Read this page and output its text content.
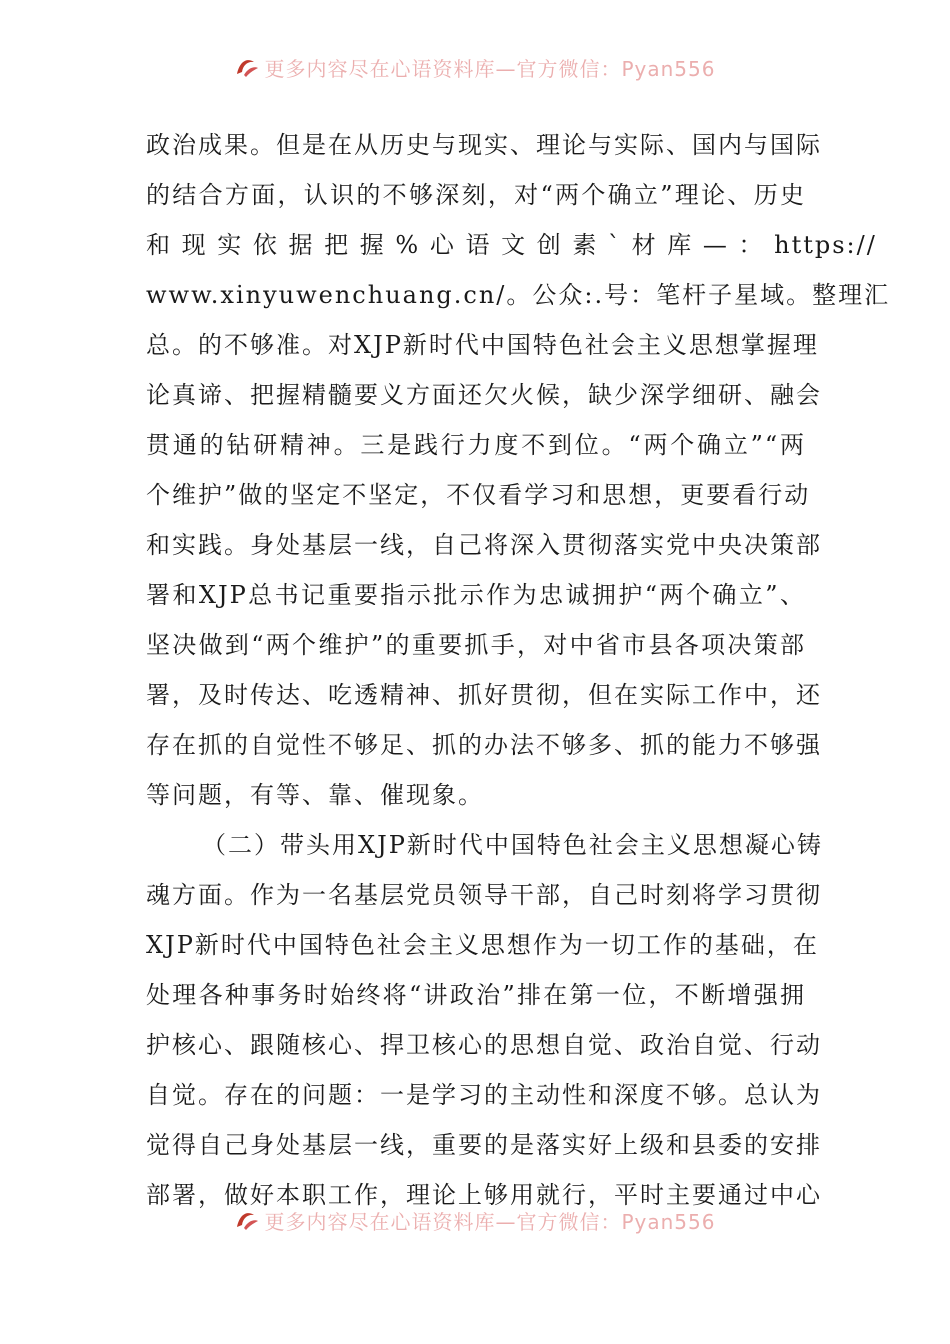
更多内容尽在心语资料库—官方微信：Pyan556
政治成果。但是在从历史与现实、理论与实际、国内与国际
的结合方面，认识的不够深刻，对“两个确立”理论、历史
和 现 实 依 据 把 握 % 心 语 文 创 素 ` 材 库 — ： https://
www.xinyuwenchuang.cn/。公众:.号：笔杆子星域。整理汇
总。的不够准。对XJP新时代中国特色社会主义思想掌握理
论真谛、把握精髓要义方面还欠火候，缺少深学细研、融会
贯通的钻研精神。三是践行力度不到位。“两个确立”“两
个维护”做的坚定不坚定，不仅看学习和思想，更要看行动
和实践。身处基层一线，自己将深入贯彻落实党中央决策部
署和XJP总书记重要指示批示作为忠诚拥护“两个确立”、
坚决做到“两个维护”的重要抓手，对中省市县各项决策部
署，及时传达、吃透精神、抓好贯彻，但在实际工作中，还
存在抓的自觉性不够足、抓的办法不够多、抓的能力不够强
等问题，有等、靠、催现象。
（二）带头用XJP新时代中国特色社会主义思想凝心铸
魂方面。作为一名基层党员领导干部，自己时刻将学习贯彻
XJP新时代中国特色社会主义思想作为一切工作的基础，在
处理各种事务时始终将“讲政治”排在第一位，不断增强拥
护核心、跟随核心、捍卫核心的思想自觉、政治自觉、行动
自觉。存在的问题：一是学习的主动性和深度不够。总认为
觉得自己身处基层一线，重要的是落实好上级和县委的安排
部署，做好本职工作，理论上够用就行，平时主要通过中心
更多内容尽在心语资料库—官方微信：Pyan556
